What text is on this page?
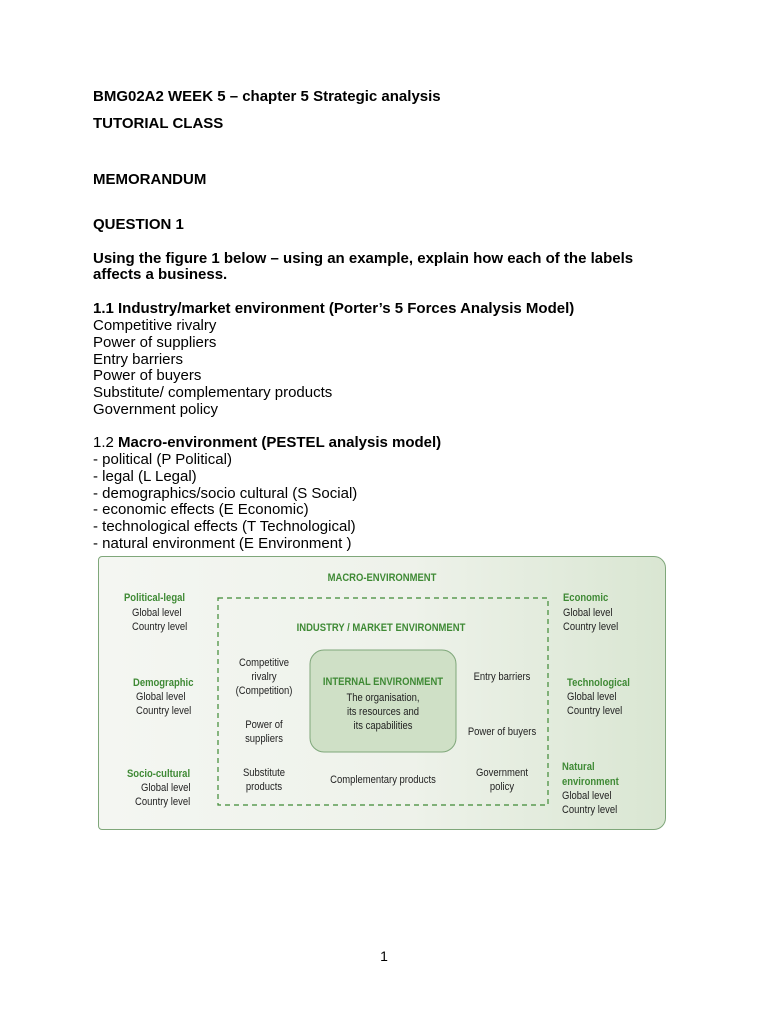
BMG02A2 WEEK 5 – chapter 5 Strategic analysis
TUTORIAL CLASS
MEMORANDUM
QUESTION 1
Using the figure 1 below – using an example, explain how each of the labels
affects a business.
1.1 Industry/market environment (Porter’s 5 Forces Analysis Model)
Competitive rivalry
Power of suppliers
Entry barriers
Power of buyers
Substitute/ complementary products
Government policy
1.2 Macro-environment (PESTEL analysis model)
- political (P Political)
- legal (L Legal)
- demographics/socio cultural (S Social)
- economic effects (E Economic)
- technological effects (T Technological)
- natural environment (E Environment )
MACRO-ENVIRONMENT
INDUSTRY / MARKET ENVIRONMENT
Political-legal
Global level
Country level
Demographic
Global level
Country level
Socio-cultural
Global level
Country level
Economic
Global level
Country level
Technological
Global level
Country level
Natural
environment
Global level
Country level
Competitive
rivalry
(Competition)
Power of
suppliers
Substitute
products
Complementary products
Entry barriers
Power of buyers
Government
policy
INTERNAL ENVIRONMENT
The organisation,
its resources and
its capabilities
1
